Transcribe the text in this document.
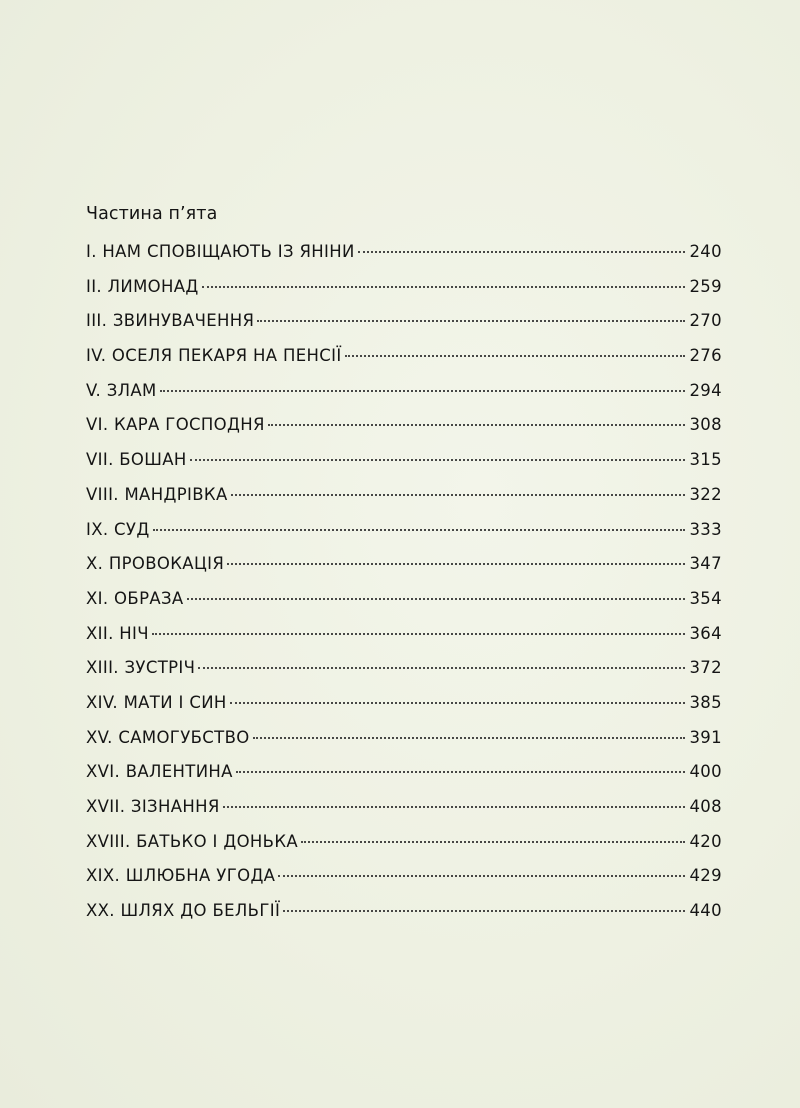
Частина п’ята
I. НАМ СПОВІЩАЮТЬ ІЗ ЯНІНИ	240
II. ЛИМОНАД	259
III. ЗВИНУВАЧЕННЯ	270
IV. ОСЕЛЯ ПЕКАРЯ НА ПЕНСІЇ	276
V. ЗЛАМ	294
VI. КАРА ГОСПОДНЯ	308
VII. БОШАН	315
VIII. МАНДРІВКА	322
IX. СУД	333
X. ПРОВОКАЦІЯ	347
XI. ОБРАЗА	354
XII. НІЧ	364
XIII. ЗУСТРІЧ	372
XIV. МАТИ І СИН	385
XV. САМОГУБСТВО	391
XVI. ВАЛЕНТИНА	400
XVII. ЗІЗНАННЯ	408
XVIII. БАТЬКО І ДОНЬКА	420
XIX. ШЛЮБНА УГОДА	429
XX. ШЛЯХ ДО БЕЛЬГІЇ	440
